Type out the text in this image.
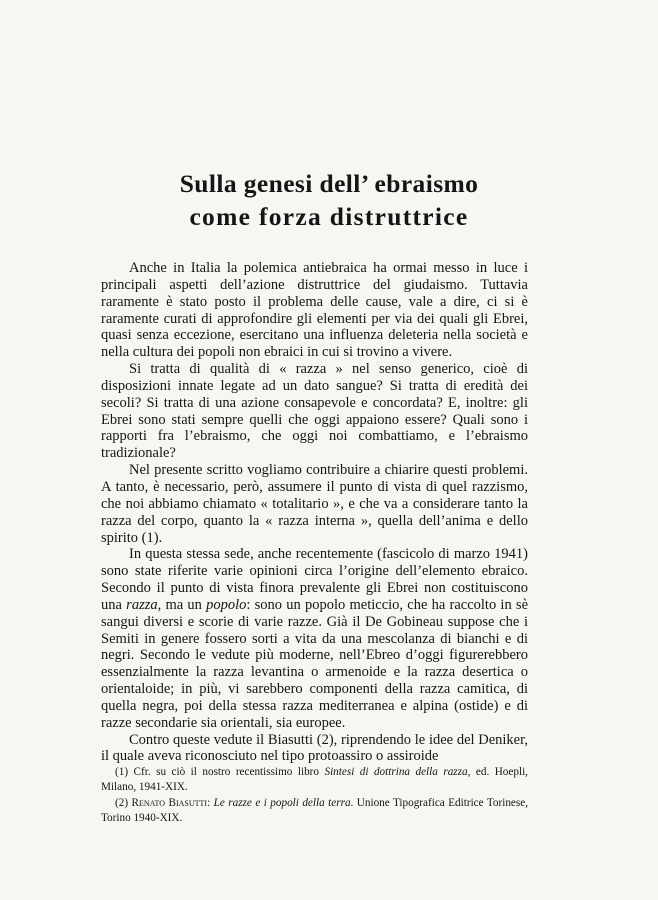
Sulla genesi dell’ ebraismo
come forza distruttrice

Anche in Italia la polemica antiebraica ha ormai messo in luce i principali aspetti dell’azione distruttrice del giudaismo. Tuttavia raramente è stato posto il problema delle cause, vale a dire, ci si è raramente curati di approfondire gli elementi per via dei quali gli Ebrei, quasi senza eccezione, esercitano una influenza deleteria nella società e nella cultura dei popoli non ebraici in cui si trovino a vivere.

Si tratta di qualità di « razza » nel senso generico, cioè di disposizioni innate legate ad un dato sangue? Si tratta di eredità dei secoli? Si tratta di una azione consapevole e concordata? E, inoltre: gli Ebrei sono stati sempre quelli che oggi appaiono essere? Quali sono i rapporti fra l’ebraismo, che oggi noi combattiamo, e l’ebraismo tradizionale?

Nel presente scritto vogliamo contribuire a chiarire questi problemi. A tanto, è necessario, però, assumere il punto di vista di quel razzismo, che noi abbiamo chiamato « totalitario », e che va a considerare tanto la razza del corpo, quanto la « razza interna », quella dell’anima e dello spirito (1).

In questa stessa sede, anche recentemente (fascicolo di marzo 1941) sono state riferite varie opinioni circa l’origine dell’elemento ebraico. Secondo il punto di vista finora prevalente gli Ebrei non costituiscono una razza, ma un popolo: sono un popolo meticcio, che ha raccolto in sè sangui diversi e scorie di varie razze. Già il De Gobineau suppose che i Semiti in genere fossero sorti a vita da una mescolanza di bianchi e di negri. Secondo le vedute più moderne, nell’Ebreo d’oggi figurerebbero essenzialmente la razza levantina o armenoide e la razza desertica o orientaloide; in più, vi sarebbero componenti della razza camitica, di quella negra, poi della stessa razza mediterranea e alpina (ostide) e di razze secondarie sia orientali, sia europee.

Contro queste vedute il Biasutti (2), riprendendo le idee del Deniker, il quale aveva riconosciuto nel tipo protoassiro o assiroide

(1) Cfr. su ciò il nostro recentissimo libro Sintesi di dottrina della razza, ed. Hoepli, Milano, 1941-XIX.

(2) Renato Biasutti: Le razze e i popoli della terra. Unione Tipografica Editrice Torinese, Torino 1940-XIX.
